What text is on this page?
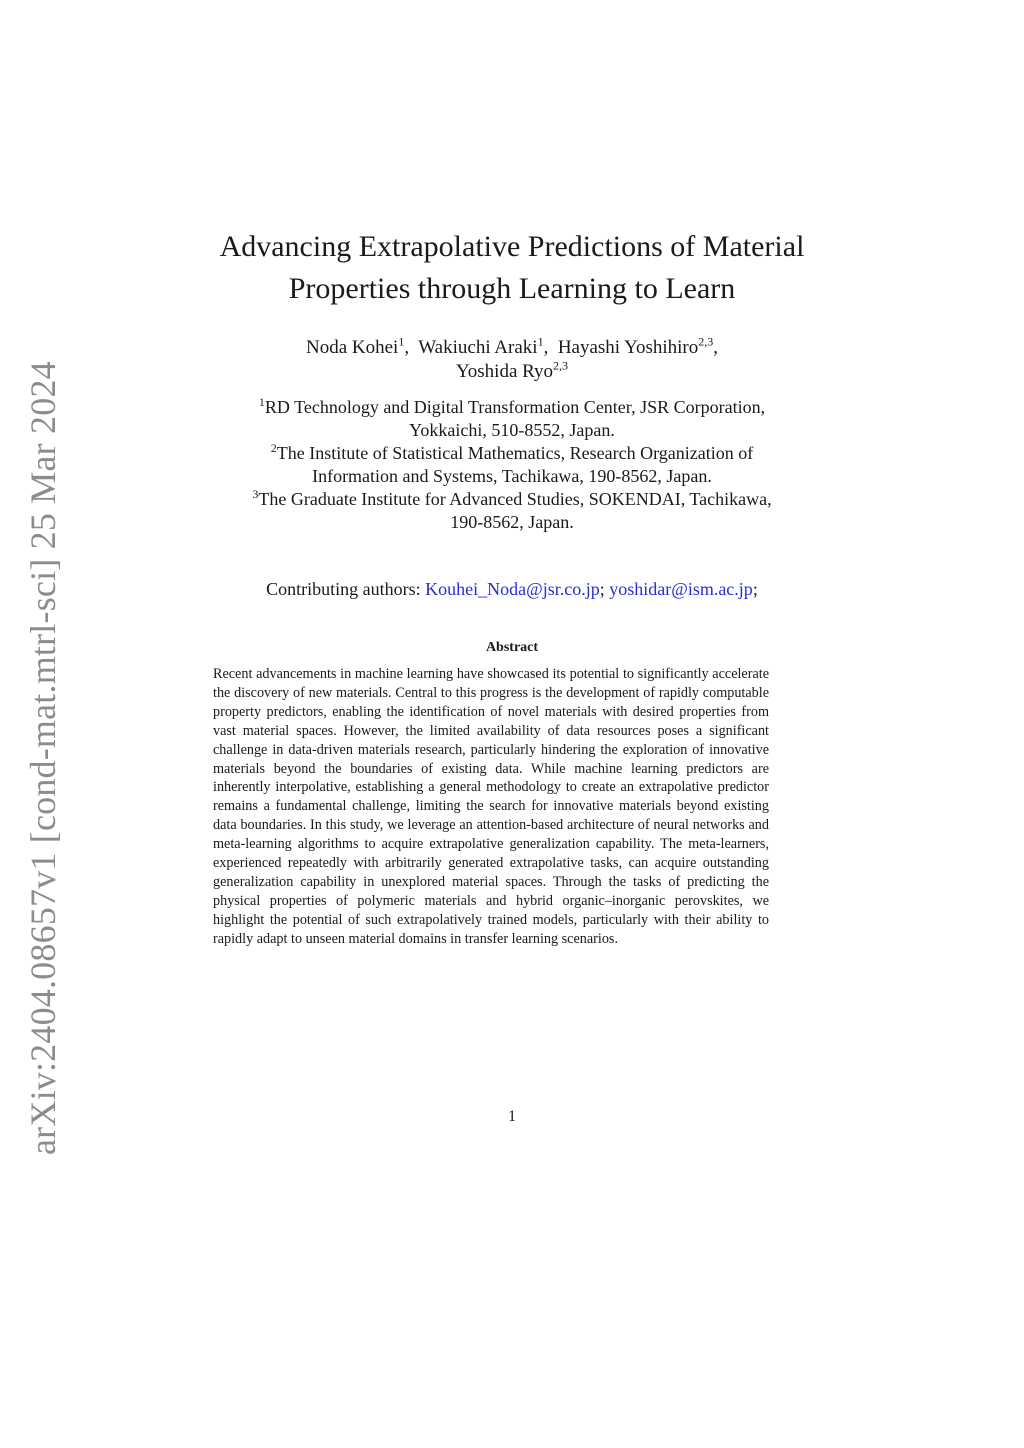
arXiv:2404.08657v1 [cond-mat.mtrl-sci] 25 Mar 2024
Advancing Extrapolative Predictions of Material
Properties through Learning to Learn
Noda Kohei$^1$,  Wakiuchi Araki$^1$,  Hayashi Yoshihiro$^{2,3}$,
Yoshida Ryo$^{2,3}$
$^1$RD Technology and Digital Transformation Center, JSR Corporation,
Yokkaichi, 510-8552, Japan.
$^2$The Institute of Statistical Mathematics, Research Organization of
Information and Systems, Tachikawa, 190-8562, Japan.
$^3$The Graduate Institute for Advanced Studies, SOKENDAI, Tachikawa,
190-8562, Japan.
Contributing authors: Kouhei_Noda@jsr.co.jp; yoshidar@ism.ac.jp;
Abstract
Recent advancements in machine learning have showcased its potential to significantly accelerate the discovery of new materials. Central to this progress is the development of rapidly computable property predictors, enabling the identification of novel materials with desired properties from vast material spaces. However, the limited availability of data resources poses a significant challenge in data-driven materials research, particularly hindering the exploration of innovative materials beyond the boundaries of existing data. While machine learning predictors are inherently interpolative, establishing a general methodology to create an extrapolative predictor remains a fundamental challenge, limiting the search for innovative materials beyond existing data boundaries. In this study, we leverage an attention-based architecture of neural networks and meta-learning algorithms to acquire extrapolative generalization capability. The meta-learners, experienced repeatedly with arbitrarily generated extrapolative tasks, can acquire outstanding generalization capability in unexplored material spaces. Through the tasks of predicting the physical properties of polymeric materials and hybrid organic–inorganic perovskites, we highlight the potential of such extrapolatively trained models, particularly with their ability to rapidly adapt to unseen material domains in transfer learning scenarios.
1
